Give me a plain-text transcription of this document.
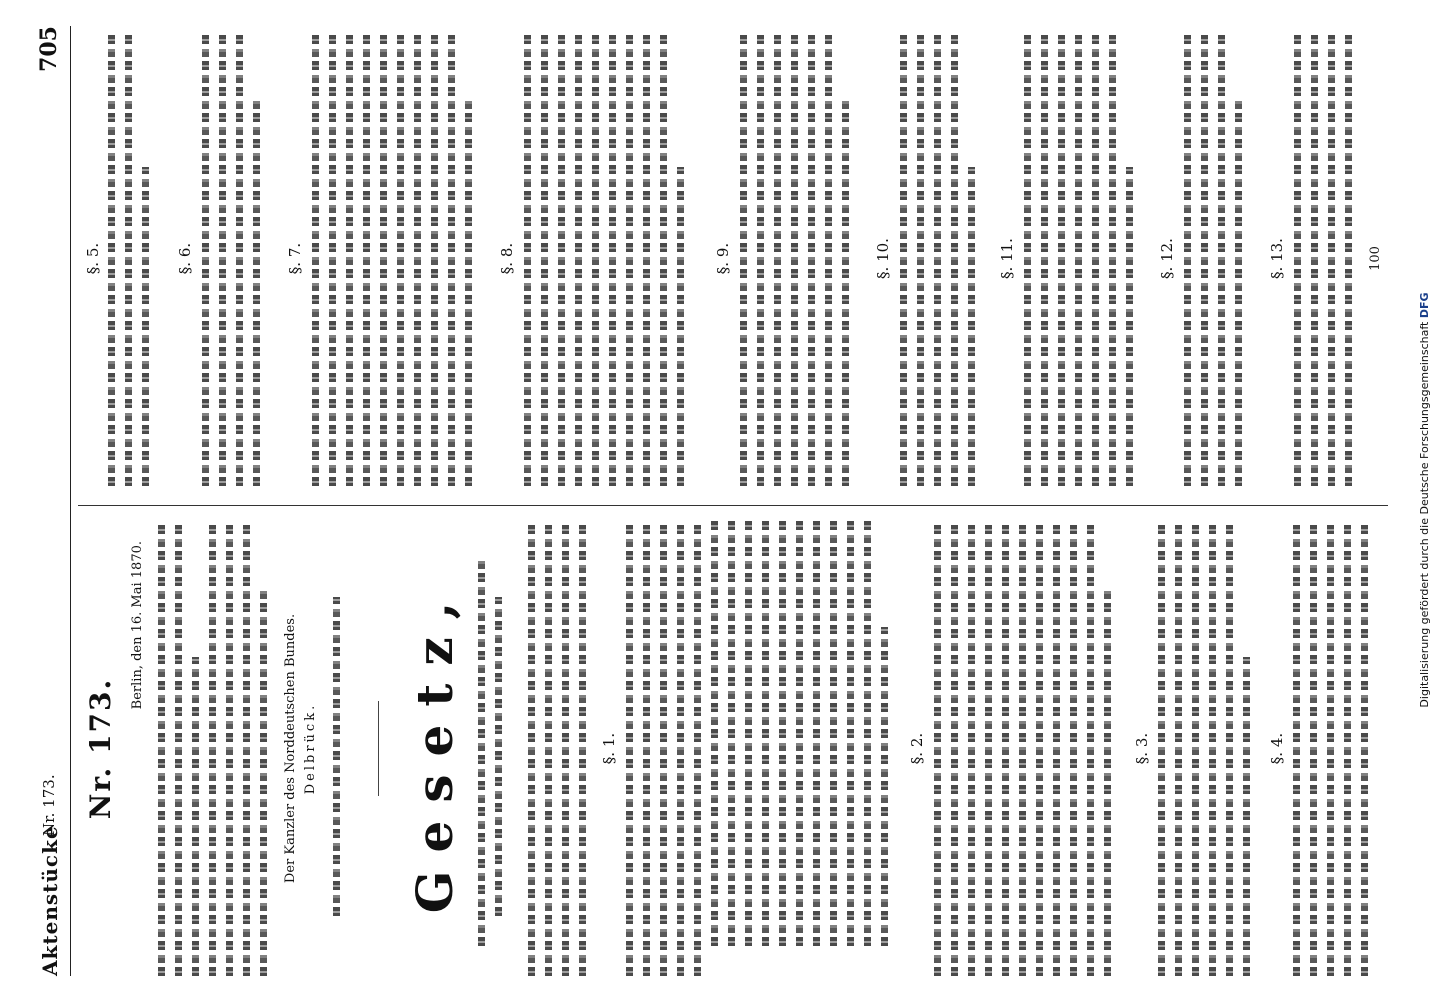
Aktenstücke
Nr. 173.
705
Nr. 173.
Berlin, den 16. Mai 1870.	Der Kanzler des Norddeutschen Bundes. Delbrück. Gesetz,	§. 1.	§. 2.	§. 3.	§. 4.
§. 5.	§. 6.	§. 7.	§. 8.	§. 9.	§. 10.	§. 11.	§. 12.	§. 13.	100
Digitalisierung gefördert durch die Deutsche Forschungsgemeinschaft DFG
